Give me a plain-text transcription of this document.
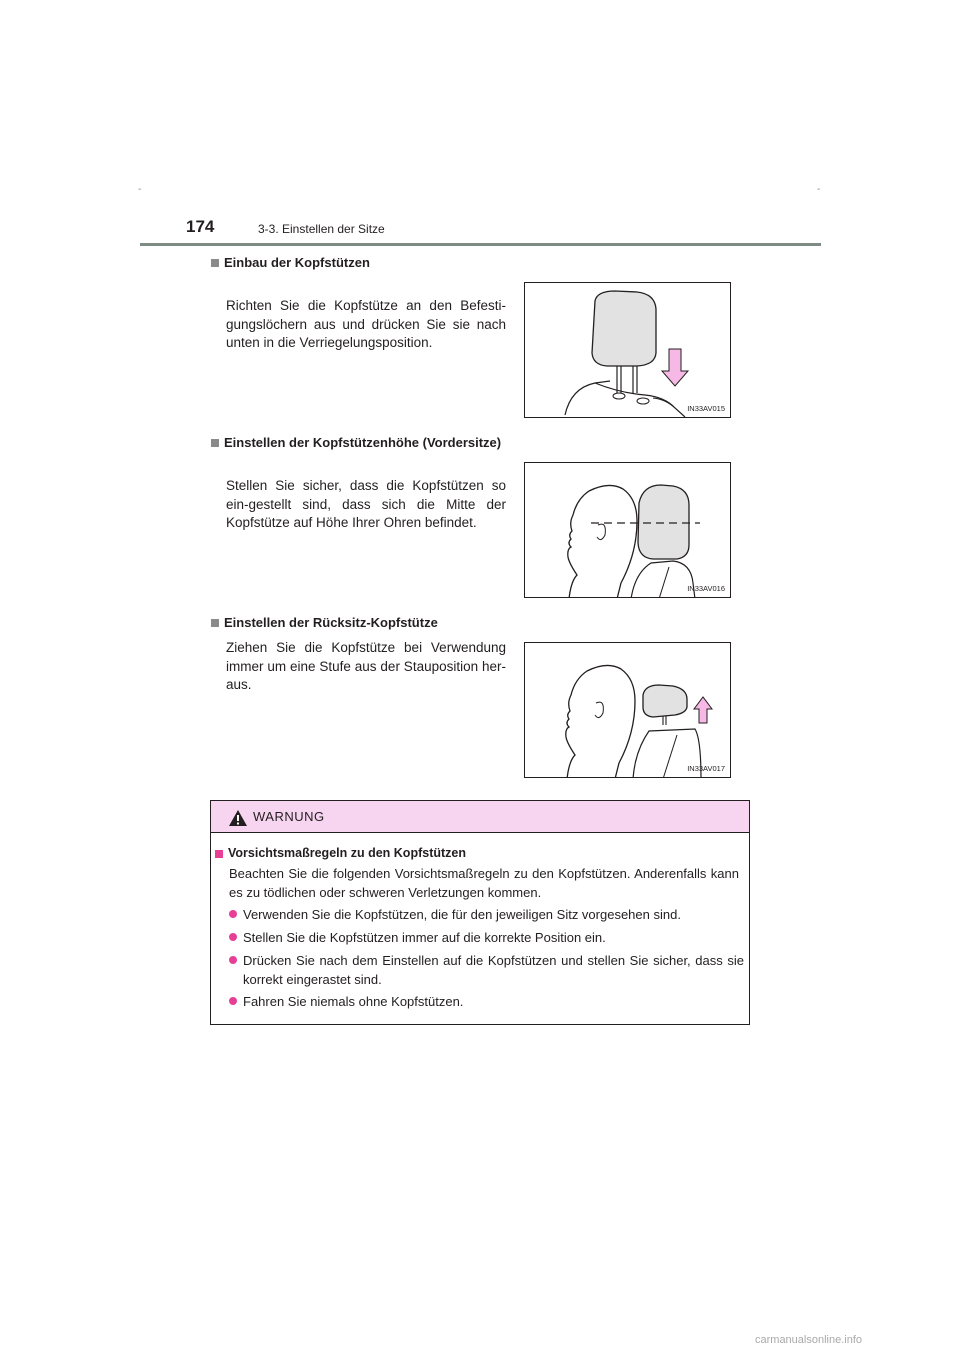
-	-
174	3-3. Einstellen der Sitze
Einbau der Kopfstützen
Richten Sie die Kopfstütze an den Befesti-gungslöchern aus und drücken Sie sie nach unten in die Verriegelungsposition.
IN33AV015
Einstellen der Kopfstützenhöhe (Vordersitze)
Stellen Sie sicher, dass die Kopfstützen so ein-gestellt sind, dass sich die Mitte der Kopfstütze auf Höhe Ihrer Ohren befindet.
IN33AV016
Einstellen der Rücksitz-Kopfstütze
Ziehen Sie die Kopfstütze bei Verwendung immer um eine Stufe aus der Stauposition her-aus.
IN33AV017
WARNUNG
Vorsichtsmaßregeln zu den Kopfstützen
Beachten Sie die folgenden Vorsichtsmaßregeln zu den Kopfstützen. Anderenfalls kann es zu tödlichen oder schweren Verletzungen kommen.
Verwenden Sie die Kopfstützen, die für den jeweiligen Sitz vorgesehen sind.
Stellen Sie die Kopfstützen immer auf die korrekte Position ein.
Drücken Sie nach dem Einstellen auf die Kopfstützen und stellen Sie sicher, dass sie korrekt eingerastet sind.
Fahren Sie niemals ohne Kopfstützen.
carmanualsonline.info
